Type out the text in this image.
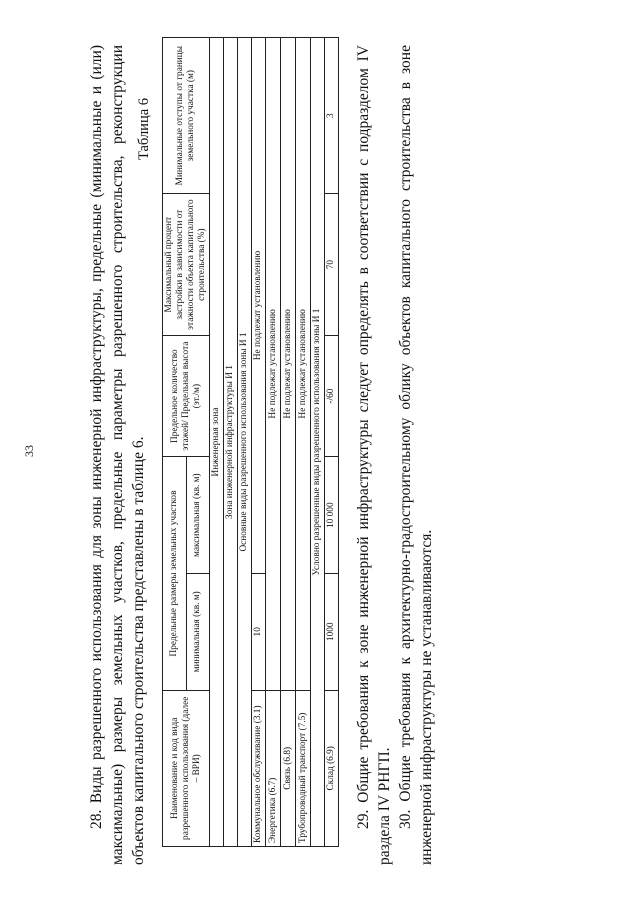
33	28. Виды разрешенного использования для зоны инженерной инфраструктуры, предельные (минимальные и (или) максимальные) размеры земельных участков, предельные параметры разрешенного строительства, реконструкции объектов капитального строительства представлены в таблице 6.
Таблица 6
Наименование и код вида разрешенного использования (далее – ВРИ)	Предельные размеры земельных участков		Предельное количество этажей/ Предельная высота (эт./м)	Максимальный процент застройки в зависимости от этажности объекта капитального строительства (%)	Минимальные отступы от границы земельного участка (м)
	минимальная (кв. м)	максимальная (кв. м)			
Инженерная зона					
Зона инженерной инфраструктуры И 1					
Основные виды разрешенного использования зоны И 1					
Коммунальное обслуживание (3.1)	10	Не подлежат установлению			
Энергетика (6.7)	Не подлежат установлению				
Связь (6.8)	Не подлежат установлению				
Трубопроводный транспорт (7.5)	Не подлежат установлению				
Условно разрешенные виды разрешенного использования зоны И 1					
Склад (6.9)	1000	10 000	-/60	70	3 29. Общие требования к зоне инженерной инфраструктуры следует определять в соответствии с подразделом IV раздела IV РНГП. 30. Общие требования к архитектурно-градостроительному облику объектов капитального строительства в зоне инженерной инфраструктуры не устанавливаются.
